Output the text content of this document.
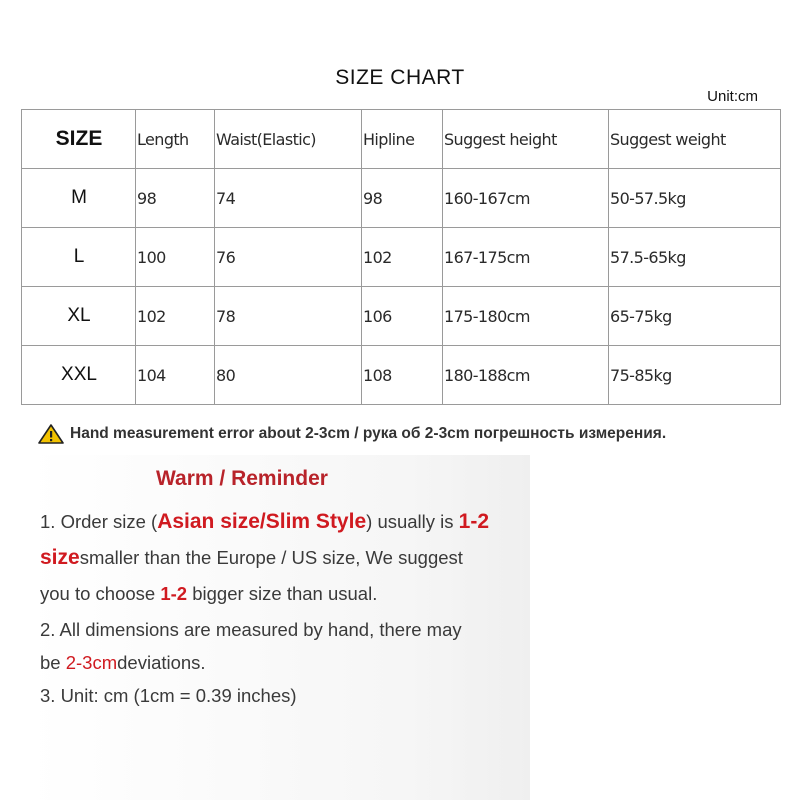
SIZE CHART
Unit:cm
SIZE	Length	Waist(Elastic)	Hipline	Suggest height	Suggest weight
M	98	74	98	160-167cm	50-57.5kg
L	100	76	102	167-175cm	57.5-65kg
XL	102	78	106	175-180cm	65-75kg
XXL	104	80	108	180-188cm	75-85kg
Hand measurement error about 2-3cm / рука об 2-3cm погрешность измерения.
Warm / Reminder
1. Order size (Asian size/Slim Style) usually is 1-2
sizesmaller than the Europe / US size, We suggest
you to choose 1-2 bigger size than usual.
2. All dimensions are measured by hand, there may
be 2-3cmdeviations.
3. Unit: cm (1cm = 0.39 inches)
